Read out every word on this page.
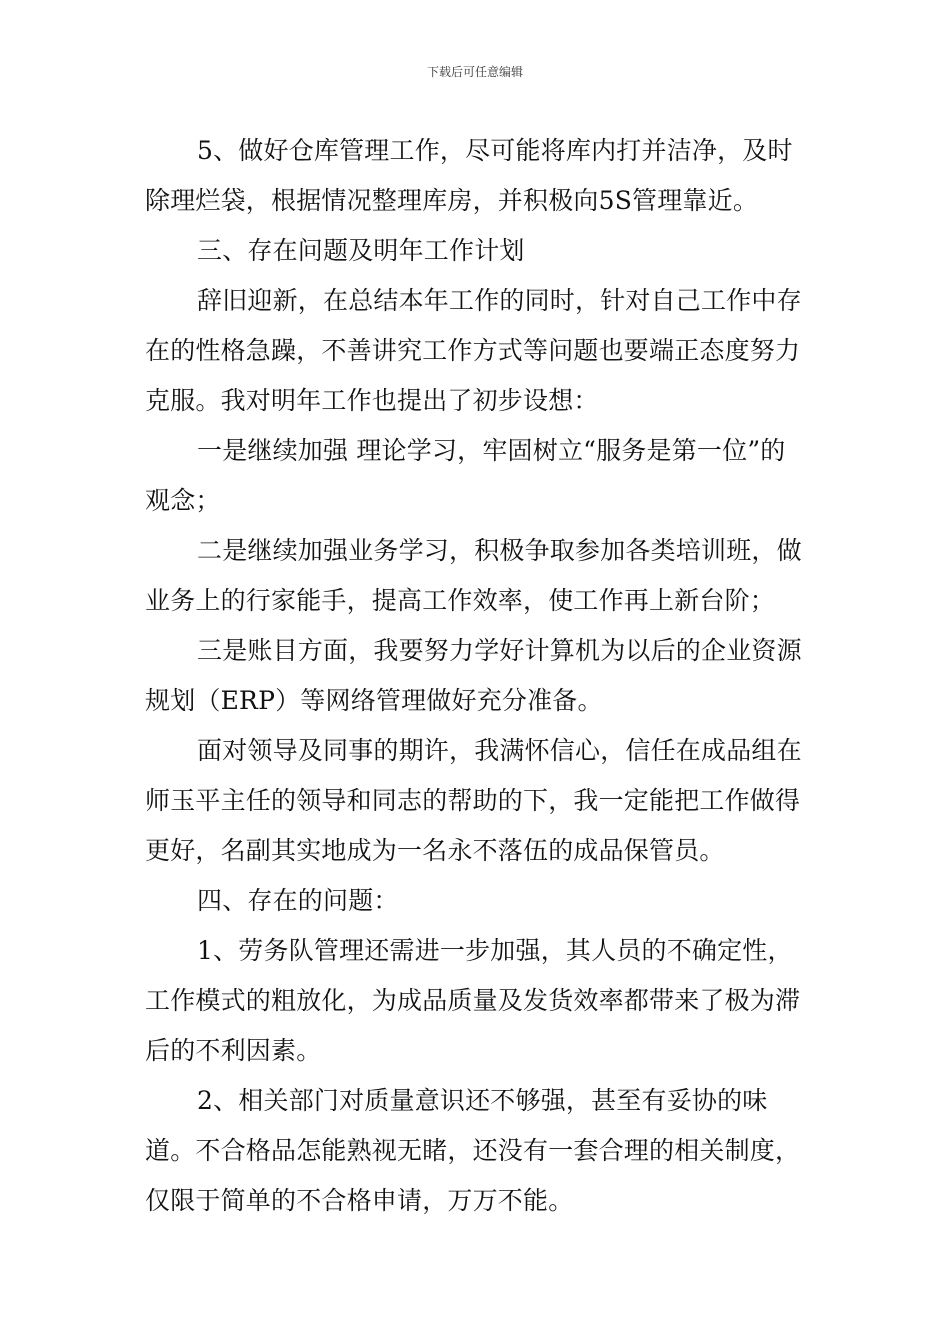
下载后可任意编辑

5、做好仓库管理工作，尽可能将库内打并洁净，及时除理烂袋，根据情况整理库房，并积极向5S管理靠近。

三、存在问题及明年工作计划

辞旧迎新，在总结本年工作的同时，针对自己工作中存在的性格急躁，不善讲究工作方式等问题也要端正态度努力克服。我对明年工作也提出了初步设想：

一是继续加强 理论学习，牢固树立“服务是第一位”的观念；

二是继续加强业务学习，积极争取参加各类培训班，做业务上的行家能手，提高工作效率，使工作再上新台阶；

三是账目方面，我要努力学好计算机为以后的企业资源规划（ERP）等网络管理做好充分准备。

面对领导及同事的期许，我满怀信心，信任在成品组在师玉平主任的领导和同志的帮助的下，我一定能把工作做得更好，名副其实地成为一名永不落伍的成品保管员。

四、存在的问题：

1、劳务队管理还需进一步加强，其人员的不确定性，工作模式的粗放化，为成品质量及发货效率都带来了极为滞后的不利因素。

2、相关部门对质量意识还不够强，甚至有妥协的味道。不合格品怎能熟视无睹，还没有一套合理的相关制度，仅限于简单的不合格申请，万万不能。
